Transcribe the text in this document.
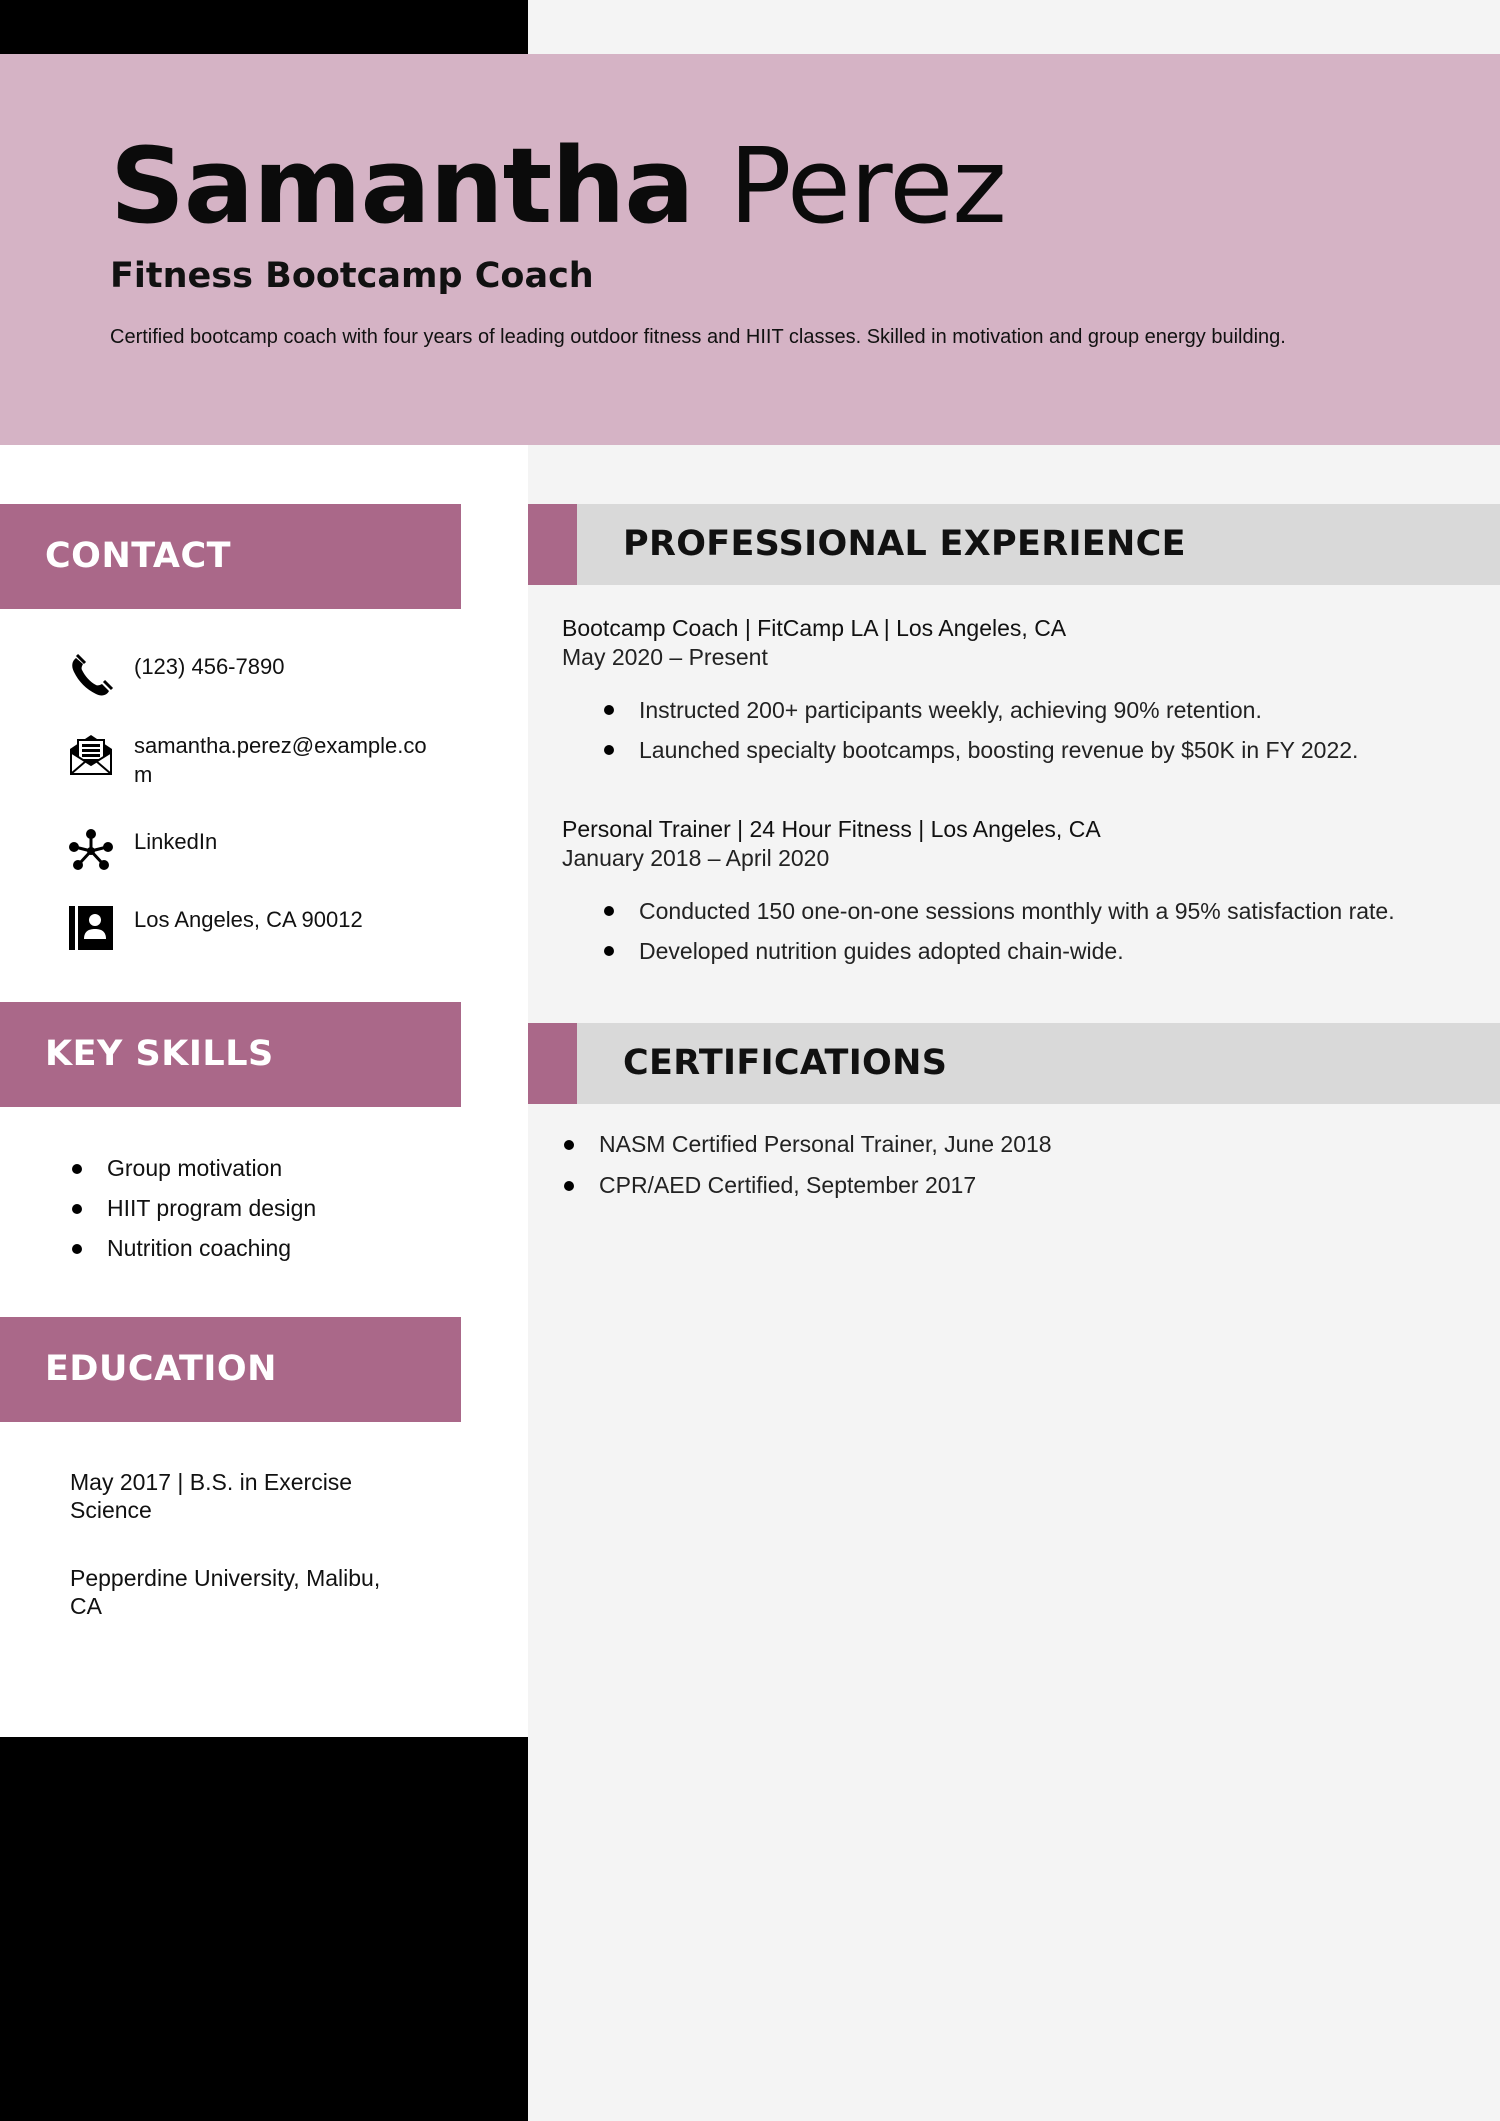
Samantha Perez
Fitness Bootcamp Coach

Certified bootcamp coach with four years of leading outdoor fitness and HIIT classes. Skilled in motivation and group energy building.

CONTACT
(123) 456-7890
samantha.perez@example.com
LinkedIn
Los Angeles, CA 90012
KEY SKILLS
Group motivation
HIIT program design
Nutrition coaching
EDUCATION

May 2017 | B.S. in Exercise Science

Pepperdine University, Malibu, CA

PROFESSIONAL EXPERIENCE
Bootcamp Coach | FitCamp LA | Los Angeles, CA
May 2020 – Present
Instructed 200+ participants weekly, achieving 90% retention.
Launched specialty bootcamps, boosting revenue by $50K in FY 2022.
Personal Trainer | 24 Hour Fitness | Los Angeles, CA
January 2018 – April 2020
Conducted 150 one-on-one sessions monthly with a 95% satisfaction rate.
Developed nutrition guides adopted chain-wide.
CERTIFICATIONS
NASM Certified Personal Trainer, June 2018
CPR/AED Certified, September 2017
